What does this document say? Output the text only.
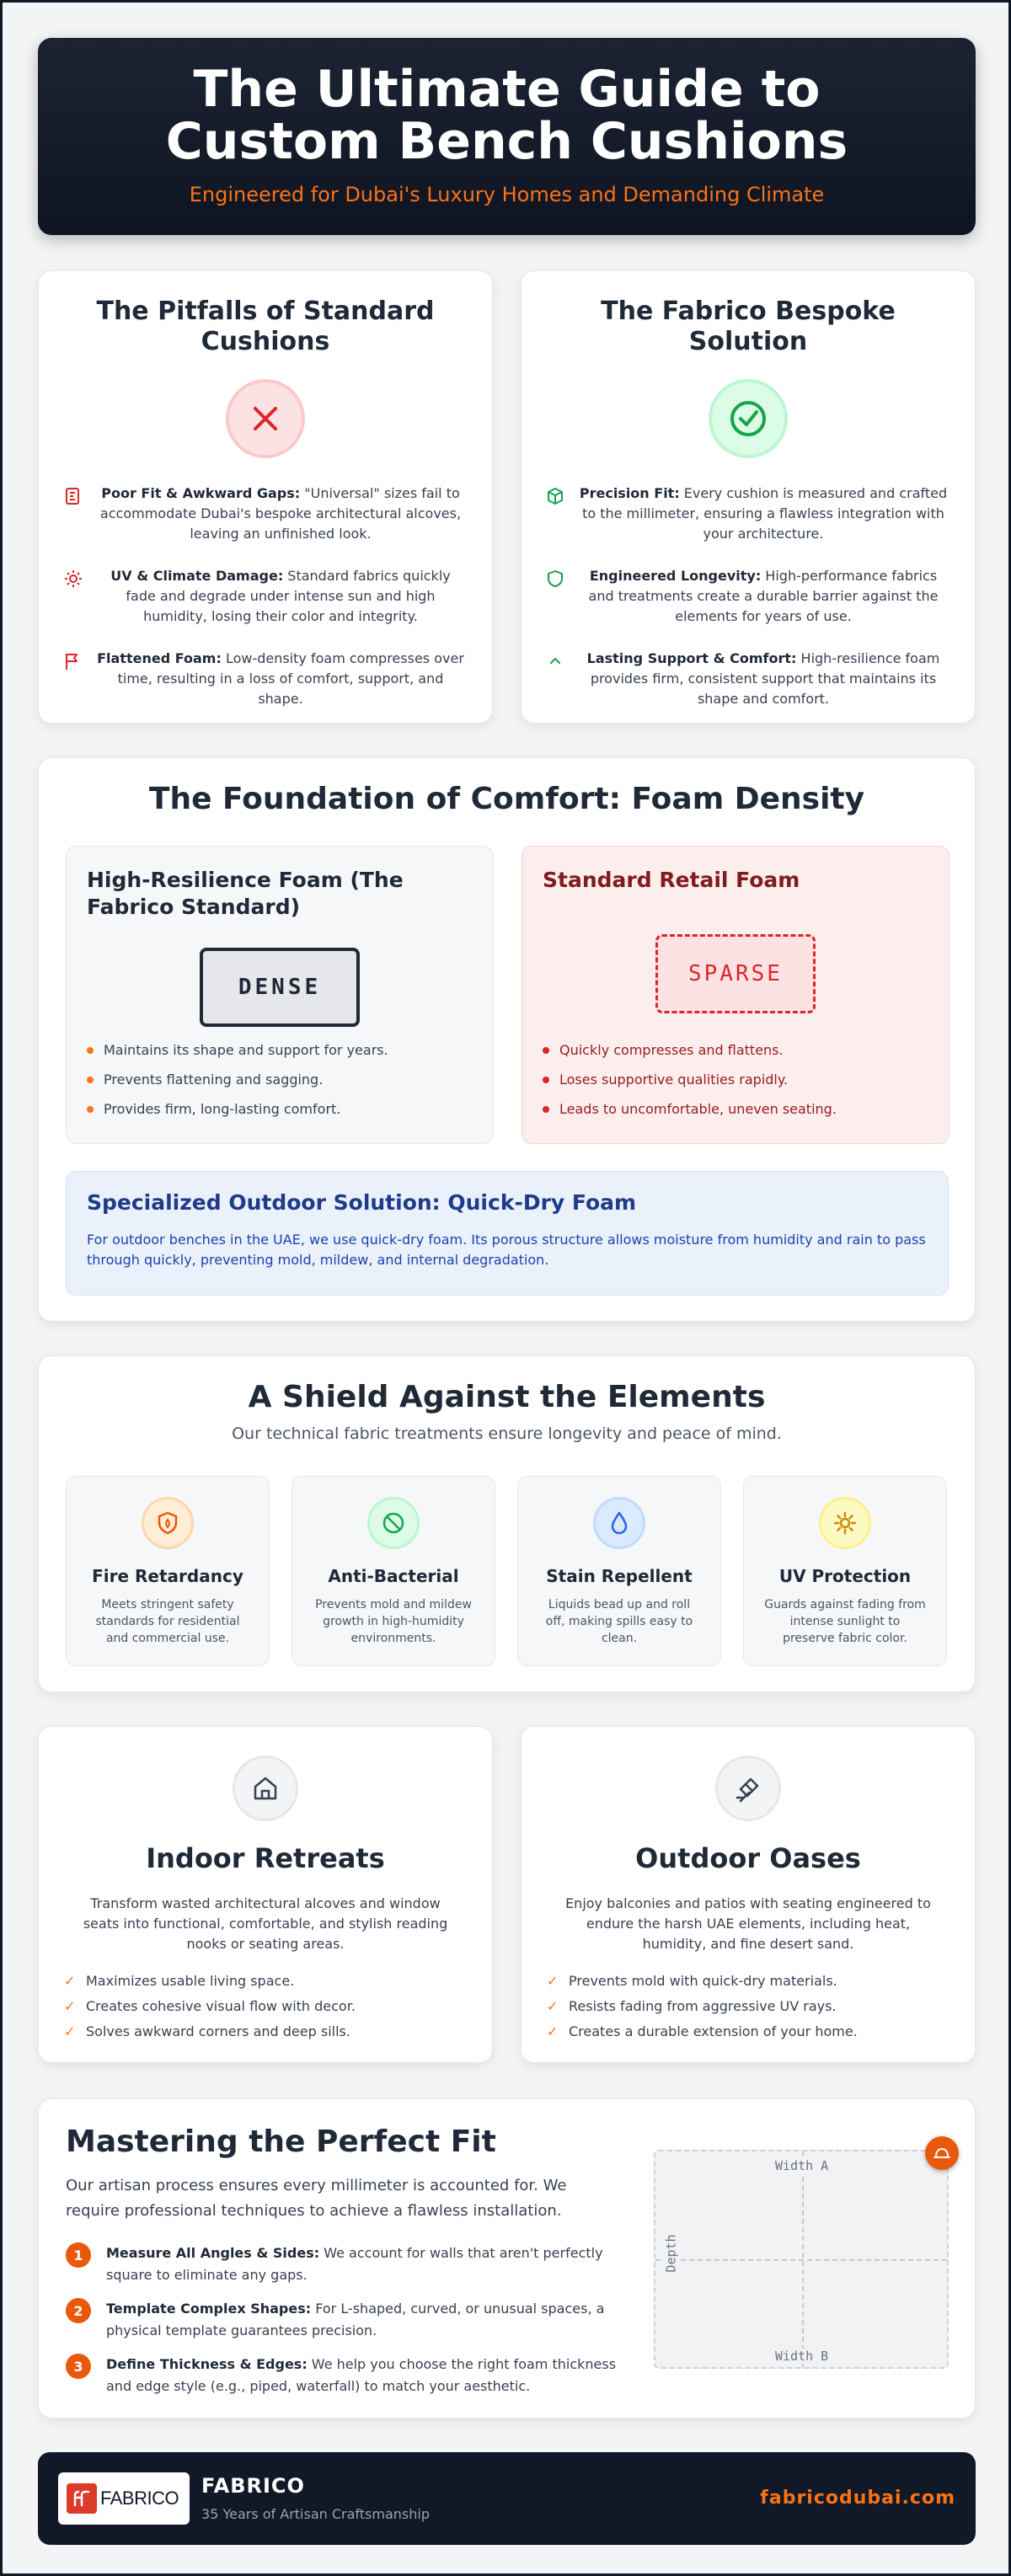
The Ultimate Guide to Custom Bench Cushions
Engineered for Dubai's Luxury Homes and Demanding Climate
The Pitfalls of Standard Cushions

Poor Fit & Awkward Gaps: "Universal" sizes fail to accommodate Dubai's bespoke architectural alcoves, leaving an unfinished look.

UV & Climate Damage: Standard fabrics quickly fade and degrade under intense sun and high humidity, losing their color and integrity.

Flattened Foam: Low-density foam compresses over time, resulting in a loss of comfort, support, and shape.

The Fabrico Bespoke Solution

Precision Fit: Every cushion is measured and crafted to the millimeter, ensuring a flawless integration with your architecture.

Engineered Longevity: High-performance fabrics and treatments create a durable barrier against the elements for years of use.

Lasting Support & Comfort: High-resilience foam provides firm, consistent support that maintains its shape and comfort.

The Foundation of Comfort: Foam Density
High-Resilience Foam (The Fabrico Standard)
DENSE
Maintains its shape and support for years.
Prevents flattening and sagging.
Provides firm, long-lasting comfort.
Standard Retail Foam
SPARSE
Quickly compresses and flattens.
Loses supportive qualities rapidly.
Leads to uncomfortable, uneven seating.
Specialized Outdoor Solution: Quick-Dry Foam

For outdoor benches in the UAE, we use quick-dry foam. Its porous structure allows moisture from humidity and rain to pass through quickly, preventing mold, mildew, and internal degradation.

A Shield Against the Elements
Our technical fabric treatments ensure longevity and peace of mind.
Fire Retardancy

Meets stringent safety standards for residential and commercial use.

Anti-Bacterial

Prevents mold and mildew growth in high-humidity environments.

Stain Repellent

Liquids bead up and roll off, making spills easy to clean.

UV Protection

Guards against fading from intense sunlight to preserve fabric color.

Indoor Retreats

Transform wasted architectural alcoves and window seats into functional, comfortable, and stylish reading nooks or seating areas.

✓ Maximizes usable living space.
✓ Creates cohesive visual flow with decor.
✓ Solves awkward corners and deep sills.
Outdoor Oases

Enjoy balconies and patios with seating engineered to endure the harsh UAE elements, including heat, humidity, and fine desert sand.

✓ Prevents mold with quick-dry materials.
✓ Resists fading from aggressive UV rays.
✓ Creates a durable extension of your home.
Mastering the Perfect Fit

Our artisan process ensures every millimeter is accounted for. We require professional techniques to achieve a flawless installation.

1	Measure All Angles & Sides: We account for walls that aren't perfectly square to eliminate any gaps.

2	Template Complex Shapes: For L-shaped, curved, or unusual spaces, a physical template guarantees precision.

3	Define Thickness & Edges: We help you choose the right foam thickness and edge style (e.g., piped, waterfall) to match your aesthetic.

Width A
Width B
Depth
FABRICO
FABRICO
35 Years of Artisan Craftsmanship
fabricodubai.com
